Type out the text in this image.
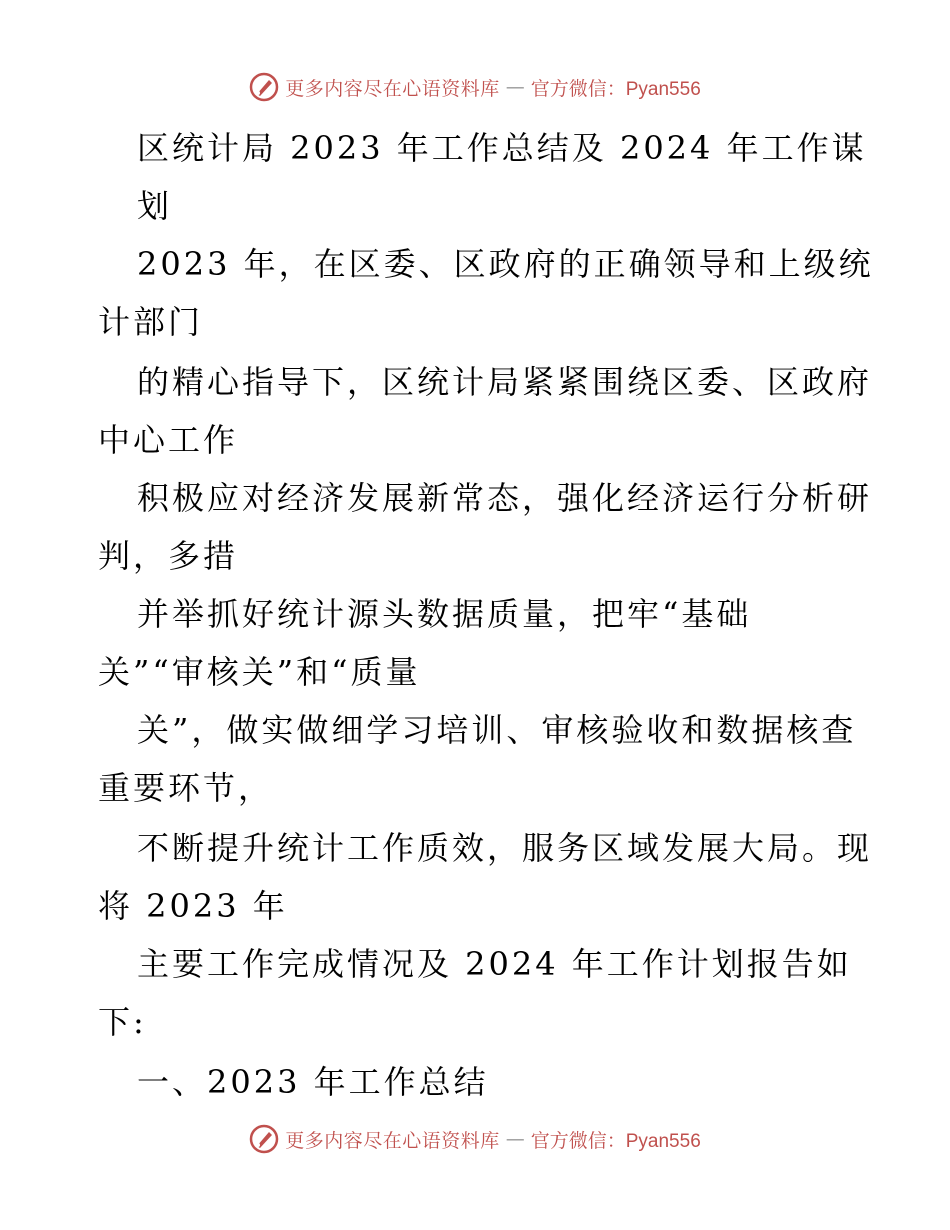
更多内容尽在心语资料库 — 官方微信：Pyan556
区统计局 2023 年工作总结及 2024 年工作谋
划
2023 年，在区委、区政府的正确领导和上级统
计部门
的精心指导下，区统计局紧紧围绕区委、区政府
中心工作
积极应对经济发展新常态，强化经济运行分析研
判，多措
并举抓好统计源头数据质量，把牢“基础
关”“审核关”和“质量
关”，做实做细学习培训、审核验收和数据核查
重要环节，
不断提升统计工作质效，服务区域发展大局。现
将 2023 年
主要工作完成情况及 2024 年工作计划报告如
下:
一、2023 年工作总结
更多内容尽在心语资料库 — 官方微信：Pyan556
